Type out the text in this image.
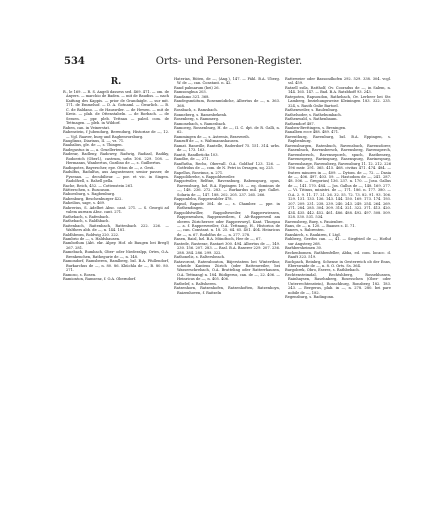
534	Orts- und Personen-Register.
R.

R., le 169. — R. S. Angeli dassess sed. 469. 471. — om. de Anyers. — marchio de Baden. — mit de Baudiss. — nach Kaifung des Kappis. — prior de Grandaigle. — sur mit. 171. de Emmelsof. — D. A. Gotnaml. — Gwarlich. — B. C. de Baldano. — de Hauswiler. — de Hewen. — mit de Kreis. — plab. de Ottenstabeln. — de Rorbach. — de Sessen. — ppr. pleb. Tettnau — paled. com. de Tettnagen. — pleb. in Wildorf.

Raben, can. in Veinerstat.

Rabenstein, f Jubendurg, Berendurg, Historiae de —, 12. — Vgl. Raaver, burg und Ragbenvorsburg.

Rauglinus, Diarinus, II. —, vz. 71.

Raabalius, gle. de —, s. Thingen.

Radegustus in —, a. Gruellertensi.

Raderar, Radleny, Radowey, Radwig, Radiasl, Radiky, Rodoerich (Oberl.), castrum, urbs 106. 229. 108. — Hermanns, Wanbertus, Gozilino de —, s. Guilbertus.

Radinpotes, Bayerscher, epe. Otton de —, z. Gesü.

Radulfus, Radulfus, aus Angustenser, senior passer, de Fysenau. — decubilieur. — por. et vic. in Singen. Radolfzell, s. Rahell pella.

Rache, Reich, 452. — Cottenstein 261.

Rätterschen, s. Rusouson.

Raboesburg, s. Ragbenburg.

Rabenburg, Beschenburger 422.

Raheilius, sage, s. 469.

Rahrerius, S. Adelbet Absc. cant. 271. — S. Georgii ad valem auream Absc. cant. 271.

Rathehach, s. Rafenbach.

Rathebach, s. Raldhbach.

Raitenbach, Raitenbach, Rattenbach 222. 226. — Walthers abb. de —, n. 144. 181.

Raldhbeom, Roldwig 220. 222.

Rambrio de —, s. Haldshausen.

Rambotlum (Abt. ekr. Alpey. Hof. ob Baugen bei Bregl) 267. 281.

Ramebach, Rumbach, Ober- oder Niederalpp, Ortes, O.A. Brenkenchen, Rathegurie de —, n. 148.

Ramondorf, Ramsberen, Ramlberg, bzl. B.A. Pfullendorf, Burkarchus de —, n. 80. 86. Khüchla de —, B. 80. 80. 271.

Ramoso, s. Rosen.

Ramionton, Ramsenz, f. O.A. Oberndorf.

Haterias, Rüten, de —, (Ang.), 147. — Fähl. B.A. Überg. W. de —, can. Constant. n. 42.

Rand palmarum (bei) 26.

Ramsongbua 203.

Randamo 321. 368.

Randegsmüitum, Rosenmüdiche, Albertus de —, n. 363. 368.

Rossbach, s. Ramsbach.

Ronneberg, s. Ramesbekenh.

Rosenberg, s. Rammerg.

Ramonebach, s. Ramesbach.

Ramoerg, Rossenburg, H. de —, II. C. dpt. de R. Galli, n. 62.

Rammingen de —, s. Astrenis, Brarsweih.

Ranzuff de —, s. Waltmannshausen.

Ramat. Ranwille, Rantelle, Raderdorf 75. 151. 314. urbs. de —, 173. 163.

Rantit, Randbrücks 103.

Randbe, de —, 271.

Ranflutha, Rechs, Obervall. O.A. Goldhof 123. 126. — Gotfridus de —, com. de N. Petri in Orsagen, sq. 225.

Rapellus, Rosvinus, n. 271.

Rappolöhrehe, s. Rappoldsweiler.

Rappotwiler, Relfine, Ravensburg, Rabenspurg, opus, Ravensburg, bzl. B.A. Eppingen 10. — eq. dominus de —, 148. 236. 272. 283. — Burkardus mil. ppr. Gallet. Solaria de —, 147. 188. 202. 205. 237. 265. 266.

Rapponlebu, Roppenvalder 478.

Rapud, Rapode 304. de —, s. Chamber. — ppe. in Rothendingen.

Rappoldstwiller, Rappoltsweiler, Rapperwiessen, Rappenwahen, Rappenswilern, f. Alt-Rapperswil am oberen Zürichersee oder Rappersweyl, Kant. Thurgau — a. f. Rappersweiler, O.A. Tettnang, H., Historica de —, can. Constant. n. 18. 25. 64. 65. 401. 404. Heinricus de —, n. 67. Rodolfus de —, n. 277. 278.

Rasen, Raisl, bzl. B.A. Mündtoch, Hee de —, 67.

Rastede, Rasterae, Rastaet 300. 494. Albertus de —, 149. 230. 156. 207. 283. — Rasl. B.A. Baserer 229. 207. 236. 288. 384. 286. 299. 322.

Rathonelis, s. Raltersbeach.

Ratavoront, Raterabouton, Bäjerstatem bei Winterthur, scheide Kantens Zürich (oder Rattenweiler, bei Wasserschrebach, O.A. Bratteling oder Ratterrhausen, O.A. Tettnang) n. 184. Rüdigerus, can. de —, 22. 406. — Heinricus de —, n. 405. 406.

Ratbelef, s. Raltsheren.

Ratzenhorn, Ratzenhofen, Ratzenhoften, Ratzenhoyn, Raizenhoven, f. Raitzeln

Ratteweier oder Bassondhofen 292. 529. 338. 304. vcgl. ssl. 459.

Ratzell ssila, Rattholf, Ov. Cooradus de —, in Salem, n. 144. 165. 147. — Bad. B.A. Ratzbhoff 93. 243.

Ratepoten, Rapsoudon, Rathebach, Ov. Lerbeer bei Str. Lamberg, beziehungsweise Kleiningen 183. 322. 235. 324, s. Rauth Onlie Bartoel.

Rathenweiler, s. Raulenburg.

Rathelsoder, s. Rathebumbach.

Rathenwald, s. Rathenbaum.

Rathendorf 487.

Rauben-Brettingen, s. Breningen.

Ranalben ecce 488. 489. 471.

Raventhurg, Ravenburg, bzl. B.A. Eppingen, s. Rapbenburg.

Ravensburgen, Ratenbuch, Ravensbuch, Ravensdorer, Rasenbuch, Ravensbersch, Ravensberg, Ravensperch, Ravensbersch, Ravenseporch, spuch, Rastbenerg, Ravenesperg, Ravinspurg, Rasenspurg, Ravinespurg, Ravensbarge, Ravensberg, Ravensburg 11. 12. 212. 226 196 mstr. 291. 365. 415. 468. civitas 471. 474. 484. — fratres minores in —, 409. — Dytom. de —, 72. — Dasia de —, 406. 497. 403. 59. — Hastodom de —, 241. 287. 48. 506. — Gregorius) 136. 237. n. 170. — Josu. Gallus de —, 141. 170. 484. — Jos. Gallus de —, 148. 169. 277. — Vi. Titinus, ministri. de —, 171. 186. n. 177. 380. — O.A. 2. 9. 11. 17. 21. 26. 32. 55. 72. 73. 82. 91. 93. 106. 129. 131. 133. 136. 143. 144. 150. 169. 173. 174. 193. 207. 209. 231. 238. 239. 240. 243. 249. 254. 264. 269. 271. 284. 285. 304. 309. 314. 321. 322. 371. 413. 420. 434. 435. 442. 452. 461. 486. 488. 492. 497. 508. 509. 528. 530. 531. 534.

Ravensberg, Buey, s. Pauienbre.

Rans, de —, n. 120. — Baanes s. II. 71.

Raners, s. Rabrenten.

Ranskirch, s. Raukiren, f. Ltgl.

Ruhberg, Gerifos can. —, 41. — Siegfried de —, Hotluf sur Angsterg 268.

Barhbersheimen 30.

Rechenbomen, Rathbenfeller, Abba, ed. com. locacc. d. Rauft 323. 519.

Ruchpach, Reinbrg, Schense in Oesterreich ob der Enns, Eberswaide de —, n. 8. O. Orts. Ss. 364.

Burgobrek, Obro, Eseres, s. Rathbebach.

Rechtensteimdal, Rechtshberg, Rossehlussen, Rainhaysen, Rasehnberg, Rosesschen (Ober- oder Unterrechtenstein), Ronschburg, Ronsberg 182. 183. 243. — Bergerus, plab. in —, n. 278. 280. bei pare nobile de —, 182.

Regensburg, s. Radingonn.
